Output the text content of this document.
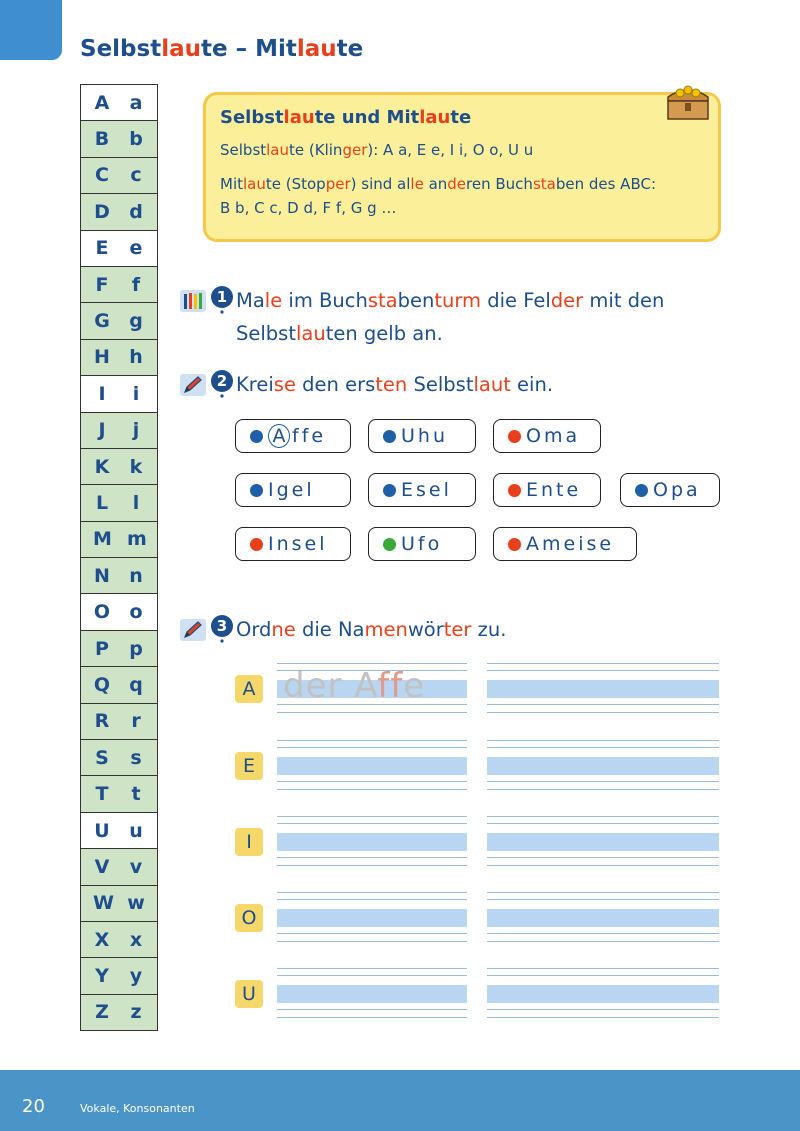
Selbstlaute – Mitlaute
A a
B b
C c
D d
E e
F f
G g
H h
I	i
J	j
K k
L	l
M m
N n
O o
P p
Q q
R r
S s
T t
U u
V v
W w
X x
Y y
Z z
Selbstlaute und Mitlaute
Selbstlaute (Klinger): A a, E e, I i, O o, U u
Mitlaute (Stopper) sind alle anderen Buchstaben des ABC:
B b, C c, D d, F f, G g …
1 Male im Buchstabenturm die Felder mit den
Selbstlauten gelb an.
2 Kreise den ersten Selbstlaut ein.
A ffe	Uhu	Oma
Igel	Esel	Ente	Opa
Insel	Ufo	Ameise
3 Ordne die Namenwörter zu.
A der Affe
E
I
O
U
20	Vokale, Konsonanten
